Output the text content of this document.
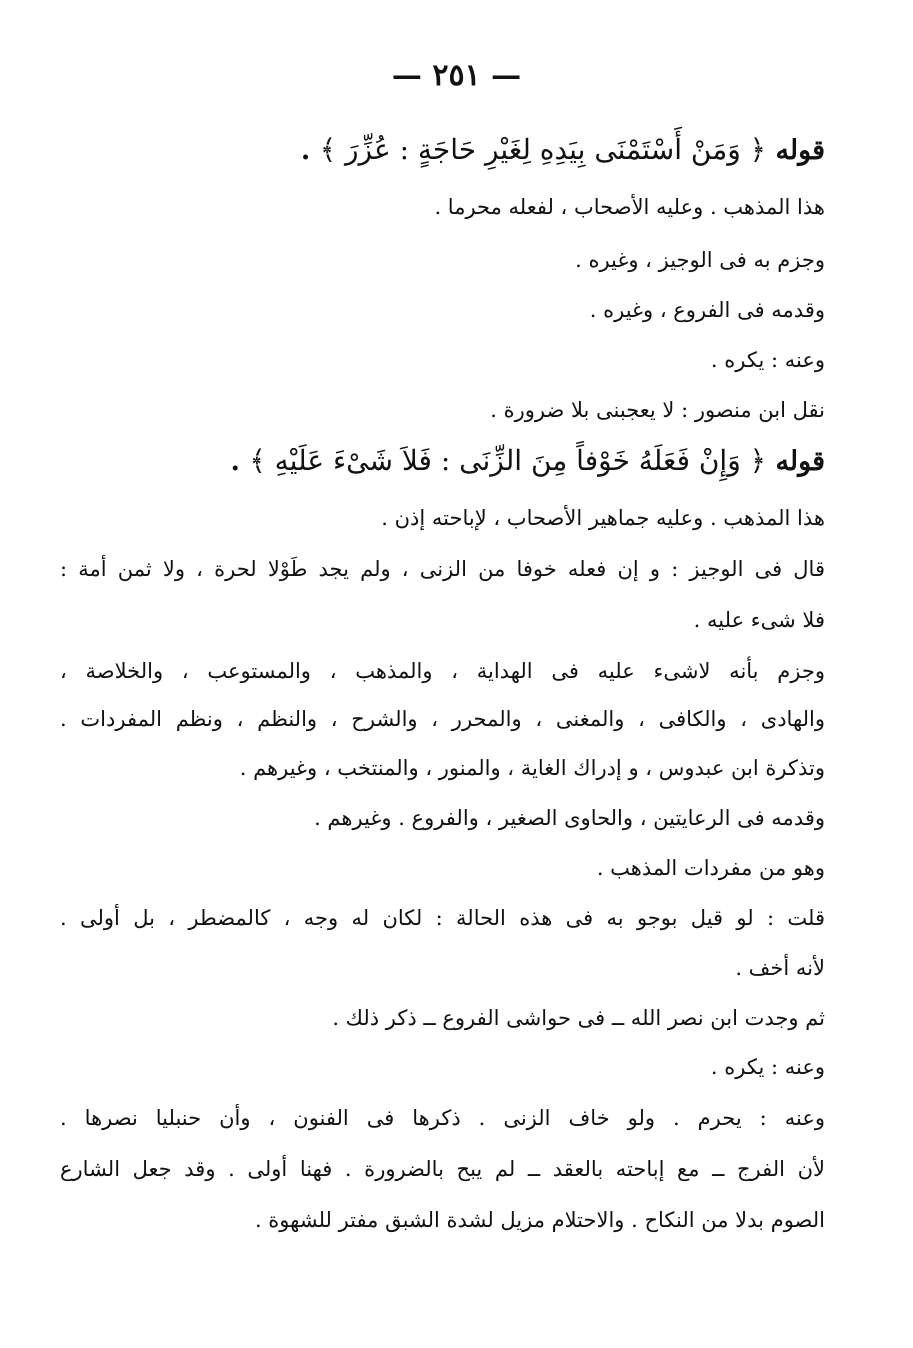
— ٢٥١ —
قوله ﴿ وَمَنْ أَسْتَمْنَى بِيَدِهِ لِغَيْرِ حَاجَةٍ : عُزِّرَ ﴾ .
هذا المذهب . وعليه الأصحاب ، لفعله محرما .
وجزم به فى الوجيز ، وغيره .
وقدمه فى الفروع ، وغيره .
وعنه : يكره .
نقل ابن منصور : لا يعجبنى بلا ضرورة .
قوله ﴿ وَإِنْ فَعَلَهُ خَوْفاً مِنَ الزِّنَى : فَلاَ شَىْءَ عَلَيْهِ ﴾ .
هذا المذهب . وعليه جماهير الأصحاب ، لإباحته إذن .
قال فى الوجيز : و إن فعله خوفا من الزنى ، ولم يجد طَوْلا لحرة ، ولا ثمن أمة :
فلا شىء عليه .
وجزم بأنه لاشىء عليه فى الهداية ، والمذهب ، والمستوعب ، والخلاصة ،
والهادى ، والكافى ، والمغنى ، والمحرر ، والشرح ، والنظم ، ونظم المفردات .
وتذكرة ابن عبدوس ، و إدراك الغاية ، والمنور ، والمنتخب ، وغيرهم .
وقدمه فى الرعايتين ، والحاوى الصغير ، والفروع . وغيرهم .
وهو من مفردات المذهب .
قلت : لو قيل بوجو به فى هذه الحالة : لكان له وجه ، كالمضطر ، بل أولى .
لأنه أخف .
ثم وجدت ابن نصر الله ــ فى حواشى الفروع ــ ذكر ذلك .
وعنه : يكره .
وعنه : يحرم . ولو خاف الزنى . ذكرها فى الفنون ، وأن حنبليا نصرها .
لأن الفرج ــ مع إباحته بالعقد ــ لم يبح بالضرورة . فهنا أولى . وقد جعل الشارع
الصوم بدلا من النكاح . والاحتلام مزيل لشدة الشبق مفتر للشهوة .
